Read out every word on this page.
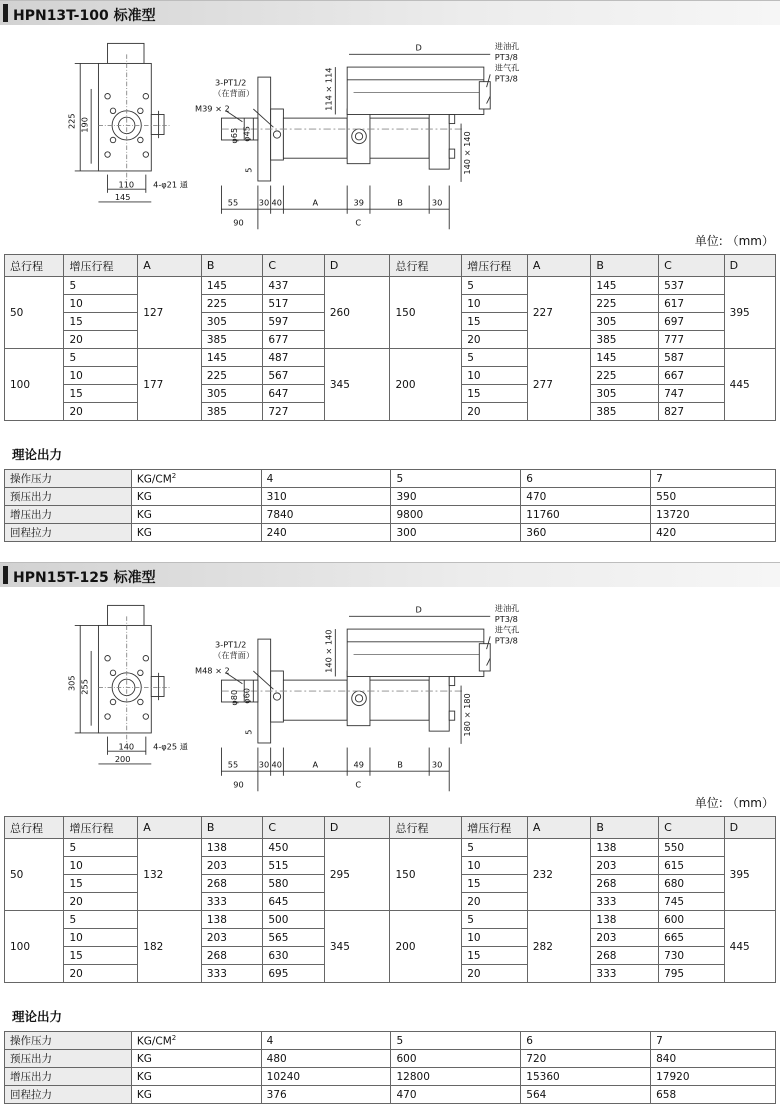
HPN13T-100 标准型
D	进油孔
PT3/8
进气孔
PT3/8
3-PT1/2
（在背面）
M39 × 2	114 × 114
140 × 140
φ65 φ45
5
225 190
110
145
4-φ21 通
55 30 40	A	39	B	30
90	C
单位: （mm）
总行程	增压行程	A	B	C	D	总行程	增压行程	A	B	C	D
50	5	127	145	437	260	150	5	227	145	537	395
	10		225	517			10		225	617	
	15		305	597			15		305	697	
	20		385	677			20		385	777	
100	5	177	145	487	345	200	5	277	145	587	445
	10		225	567			10		225	667	
	15		305	647			15		305	747	
	20		385	727			20		385	827	
理论出力
操作压力	$KG/CM^2$	4	5	6	7
预压出力	KG	310	390	470	550
增压出力	KG	7840	9800	11760	13720
回程拉力	KG	240	300	360	420
HPN15T-125 标准型
D	进油孔
PT3/8
进气孔
PT3/8
3-PT1/2
（在背面）
M48 × 2	140 × 140
180 × 180
φ80 φ60
5
305 255
140
200
4-φ25 通
55 30 40	A	49	B	30
90	C
单位: （mm）
总行程	增压行程	A	B	C	D	总行程	增压行程	A	B	C	D
50	5	132	138	450	295	150	5	232	138	550	395
	10		203	515			10		203	615	
	15		268	580			15		268	680	
	20		333	645			20		333	745	
100	5	182	138	500	345	200	5	282	138	600	445
	10		203	565			10		203	665	
	15		268	630			15		268	730	
	20		333	695			20		333	795	
理论出力
操作压力	$KG/CM^2$	4	5	6	7
预压出力	KG	480	600	720	840
增压出力	KG	10240	12800	15360	17920
回程拉力	KG	376	470	564	658
